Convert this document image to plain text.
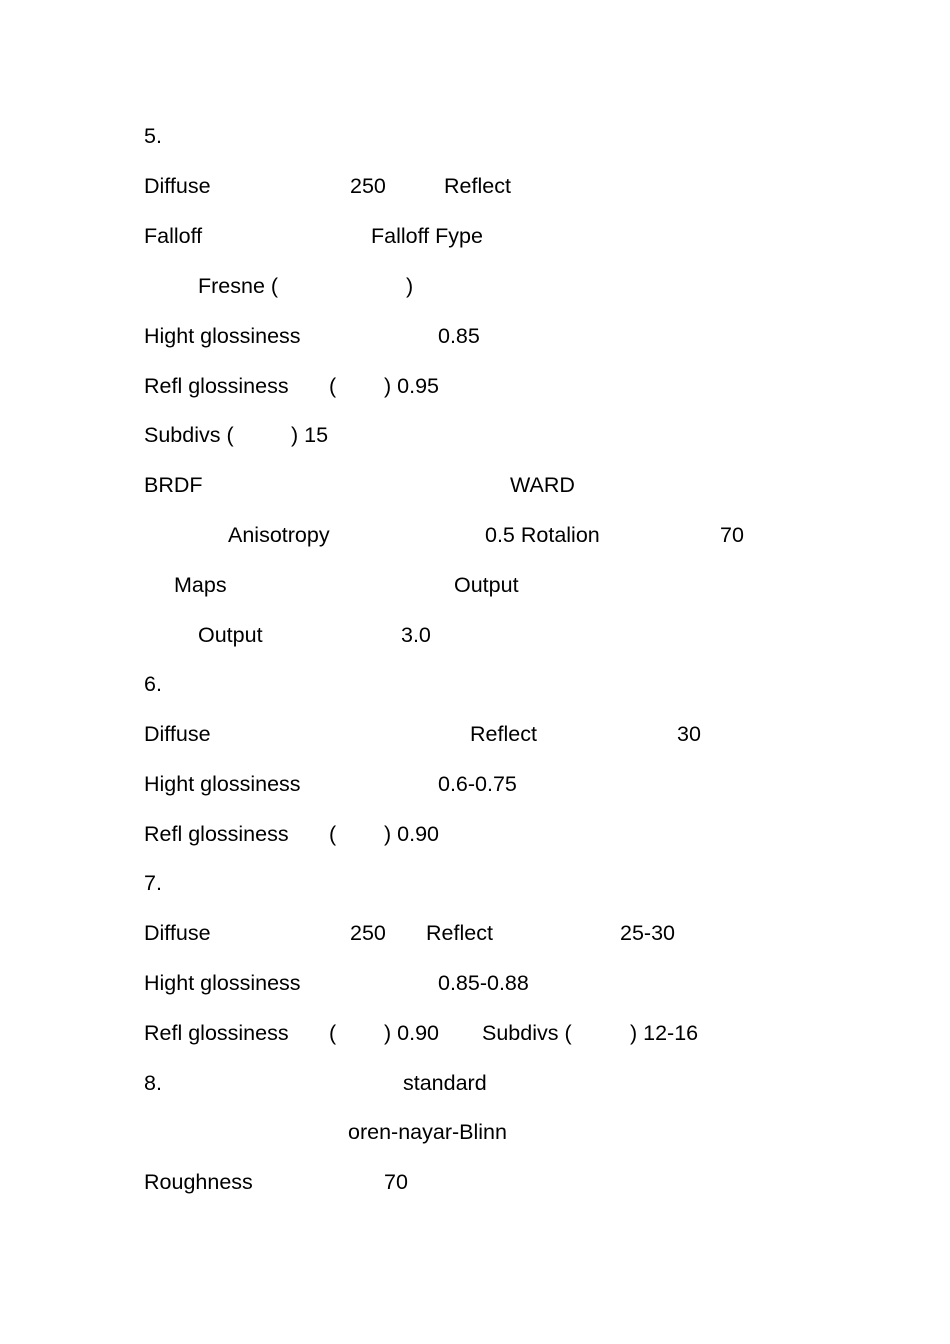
5.
Diffuse	250	Reflect
Falloff	Falloff Fype
Fresne (	)
Hight glossiness	0.85
Refl glossiness ( ) 0.95
Subdivs (	) 15
BRDF	WARD
Anisotropy	0.5 Rotalion	70
Maps	Output
Output	3.0
6.
Diffuse	Reflect	30
Hight glossiness	0.6-0.75
Refl glossiness ( ) 0.90
7.
Diffuse	250 Reflect	25-30
Hight glossiness	0.85-0.88
Refl glossiness ( ) 0.90 Subdivs (	) 12-16
8.	standard
oren-nayar-Blinn
Roughness	70
